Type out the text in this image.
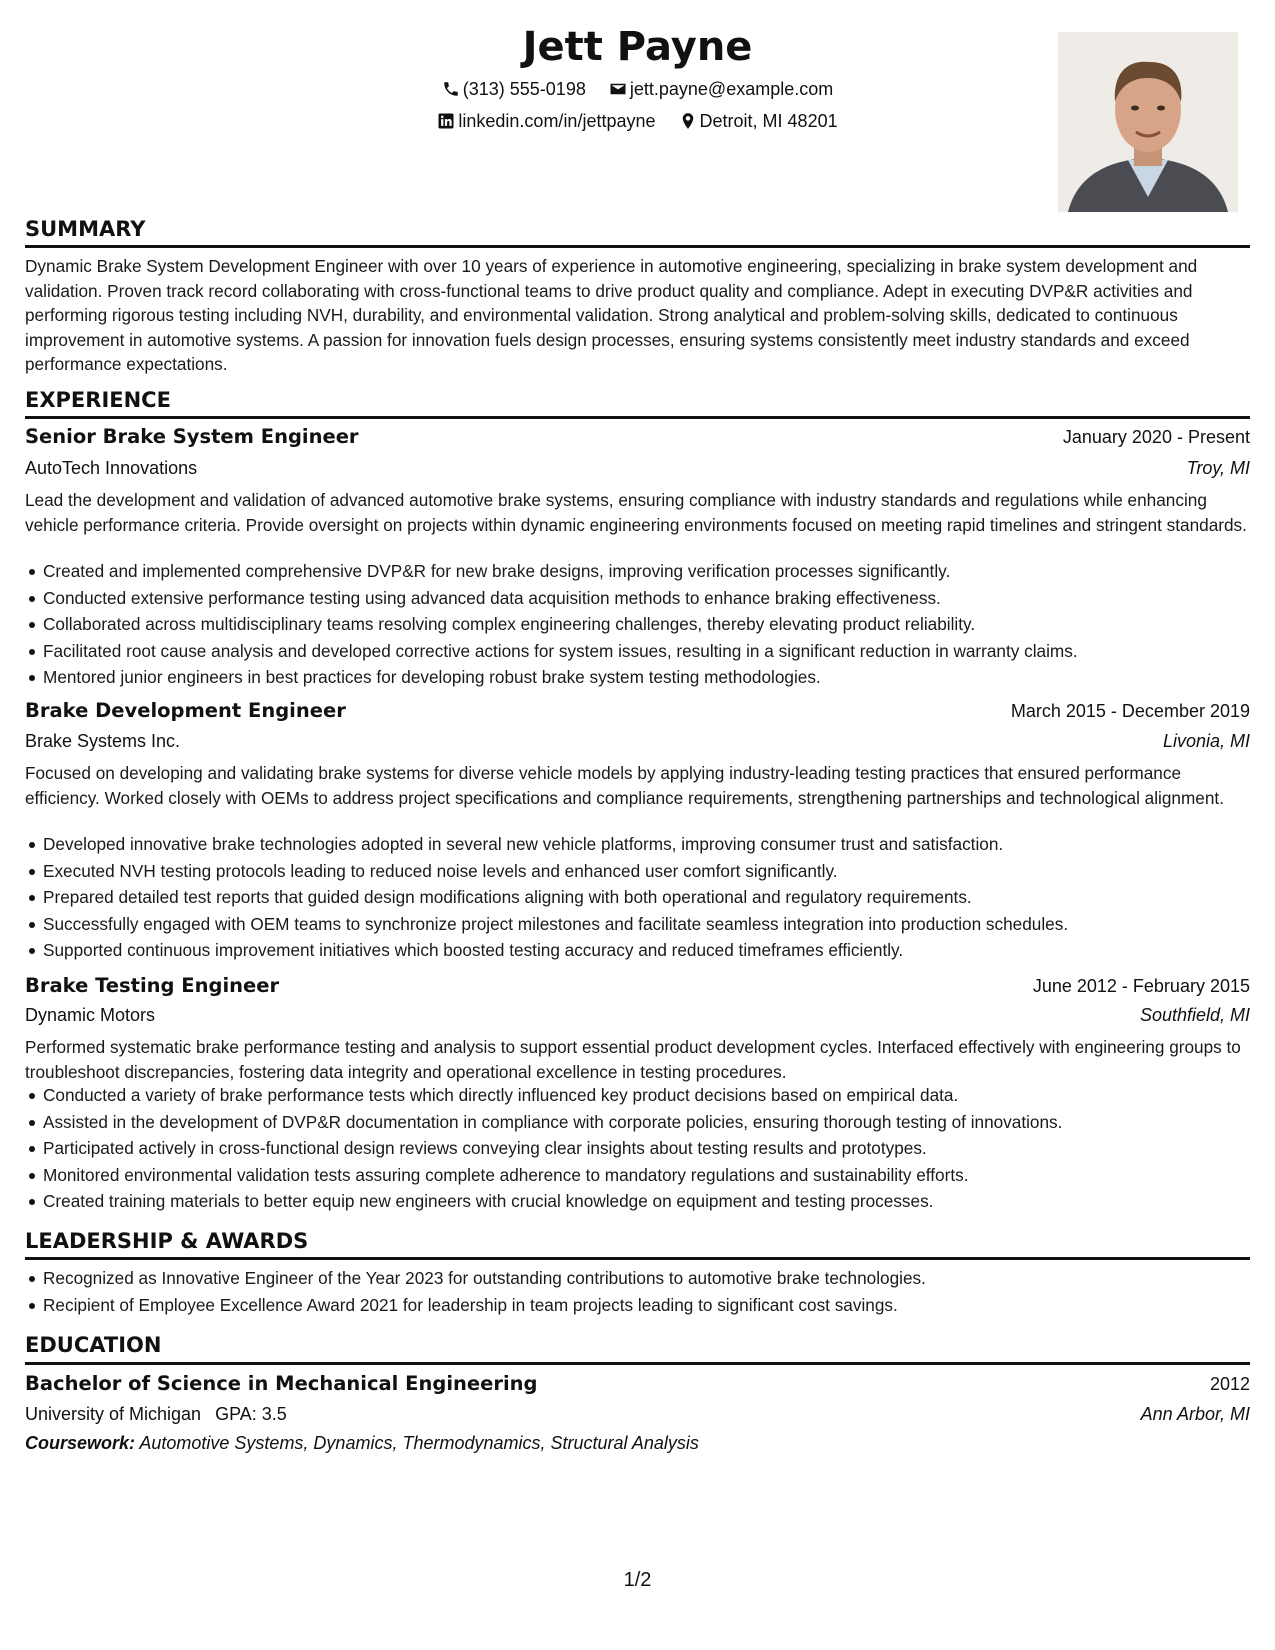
Jett Payne
(313) 555-0198
jett.payne@example.com
linkedin.com/in/jettpayne
Detroit, MI 48201
SUMMARY
Dynamic Brake System Development Engineer with over 10 years of experience in automotive engineering, specializing in brake system development and validation. Proven track record collaborating with cross-functional teams to drive product quality and compliance. Adept in executing DVP&R activities and performing rigorous testing including NVH, durability, and environmental validation. Strong analytical and problem-solving skills, dedicated to continuous improvement in automotive systems. A passion for innovation fuels design processes, ensuring systems consistently meet industry standards and exceed performance expectations.
EXPERIENCE
Senior Brake System Engineer	January 2020 - Present
AutoTech Innovations	Troy, MI
Lead the development and validation of advanced automotive brake systems, ensuring compliance with industry standards and regulations while enhancing vehicle performance criteria. Provide oversight on projects within dynamic engineering environments focused on meeting rapid timelines and stringent standards.
Created and implemented comprehensive DVP&R for new brake designs, improving verification processes significantly.
Conducted extensive performance testing using advanced data acquisition methods to enhance braking effectiveness.
Collaborated across multidisciplinary teams resolving complex engineering challenges, thereby elevating product reliability.
Facilitated root cause analysis and developed corrective actions for system issues, resulting in a significant reduction in warranty claims.
Mentored junior engineers in best practices for developing robust brake system testing methodologies.
Brake Development Engineer	March 2015 - December 2019
Brake Systems Inc.	Livonia, MI
Focused on developing and validating brake systems for diverse vehicle models by applying industry-leading testing practices that ensured performance efficiency. Worked closely with OEMs to address project specifications and compliance requirements, strengthening partnerships and technological alignment.
Developed innovative brake technologies adopted in several new vehicle platforms, improving consumer trust and satisfaction.
Executed NVH testing protocols leading to reduced noise levels and enhanced user comfort significantly.
Prepared detailed test reports that guided design modifications aligning with both operational and regulatory requirements.
Successfully engaged with OEM teams to synchronize project milestones and facilitate seamless integration into production schedules.
Supported continuous improvement initiatives which boosted testing accuracy and reduced timeframes efficiently.
Brake Testing Engineer	June 2012 - February 2015
Dynamic Motors	Southfield, MI
Performed systematic brake performance testing and analysis to support essential product development cycles. Interfaced effectively with engineering groups to troubleshoot discrepancies, fostering data integrity and operational excellence in testing procedures.
Conducted a variety of brake performance tests which directly influenced key product decisions based on empirical data.
Assisted in the development of DVP&R documentation in compliance with corporate policies, ensuring thorough testing of innovations.
Participated actively in cross-functional design reviews conveying clear insights about testing results and prototypes.
Monitored environmental validation tests assuring complete adherence to mandatory regulations and sustainability efforts.
Created training materials to better equip new engineers with crucial knowledge on equipment and testing processes.
LEADERSHIP & AWARDS
Recognized as Innovative Engineer of the Year 2023 for outstanding contributions to automotive brake technologies.
Recipient of Employee Excellence Award 2021 for leadership in team projects leading to significant cost savings.
EDUCATION
Bachelor of Science in Mechanical Engineering	2012
University of Michigan GPA: 3.5	Ann Arbor, MI
Coursework: Automotive Systems, Dynamics, Thermodynamics, Structural Analysis
1/2
